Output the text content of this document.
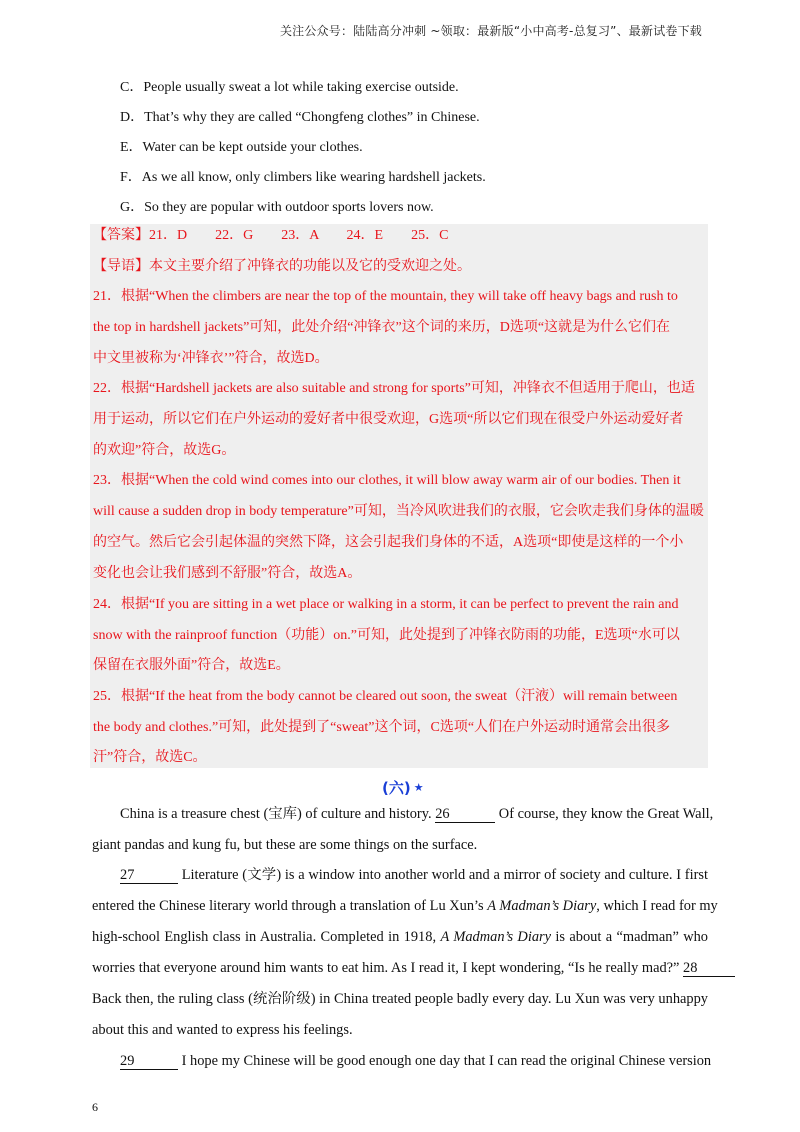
关注公众号：陆陆高分冲刺 ~领取：最新版“小中高考-总复习”、最新试卷下载
C．People usually sweat a lot while taking exercise outside.
D．That’s why they are called “Chongfeng clothes” in Chinese.
E．Water can be kept outside your clothes.
F．As we all know, only climbers like wearing hardshell jackets.
G．So they are popular with outdoor sports lovers now.
【答案】21．D　　22．G　　23．A　　24．E　　25．C
【导语】本文主要介绍了冲锋衣的功能以及它的受欢迎之处。
21．根据“When the climbers are near the top of the mountain, they will take off heavy bags and rush to
the top in hardshell jackets”可知，此处介绍“冲锋衣”这个词的来历，D选项“这就是为什么它们在
中文里被称为‘冲锋衣’”符合，故选D。
22．根据“Hardshell jackets are also suitable and strong for sports”可知，冲锋衣不但适用于爬山，也适
用于运动，所以它们在户外运动的爱好者中很受欢迎，G选项“所以它们现在很受户外运动爱好者
的欢迎”符合，故选G。
23．根据“When the cold wind comes into our clothes, it will blow away warm air of our bodies. Then it
will cause a sudden drop in body temperature”可知，当冷风吹进我们的衣服，它会吹走我们身体的温暖
的空气。然后它会引起体温的突然下降，这会引起我们身体的不适，A选项“即使是这样的一个小
变化也会让我们感到不舒服”符合，故选A。
24．根据“If you are sitting in a wet place or walking in a storm, it can be perfect to prevent the rain and
snow with the rainproof function（功能）on.”可知，此处提到了冲锋衣防雨的功能，E选项“水可以
保留在衣服外面”符合，故选E。
25．根据“If the heat from the body cannot be cleared out soon, the sweat（汗液）will remain between
the body and clothes.”可知，此处提到了“sweat”这个词，C选项“人们在户外运动时通常会出很多
汗”符合，故选C。
(六) ★
China is a treasure chest (宝库) of culture and history. 26	Of course, they know the Great Wall,
giant pandas and kung fu, but these are some things on the surface.
27	Literature (文学) is a window into another world and a mirror of society and culture. I first
entered the Chinese literary world through a translation of Lu Xun’s A Madman’s Diary, which I read for my
high-school English class in Australia. Completed in 1918, A Madman’s Diary is about a “madman” who
worries that everyone around him wants to eat him. As I read it, I kept wondering, “Is he really mad?” 28
Back then, the ruling class (统治阶级) in China treated people badly every day. Lu Xun was very unhappy
about this and wanted to express his feelings.
29	I hope my Chinese will be good enough one day that I can read the original Chinese version
6
